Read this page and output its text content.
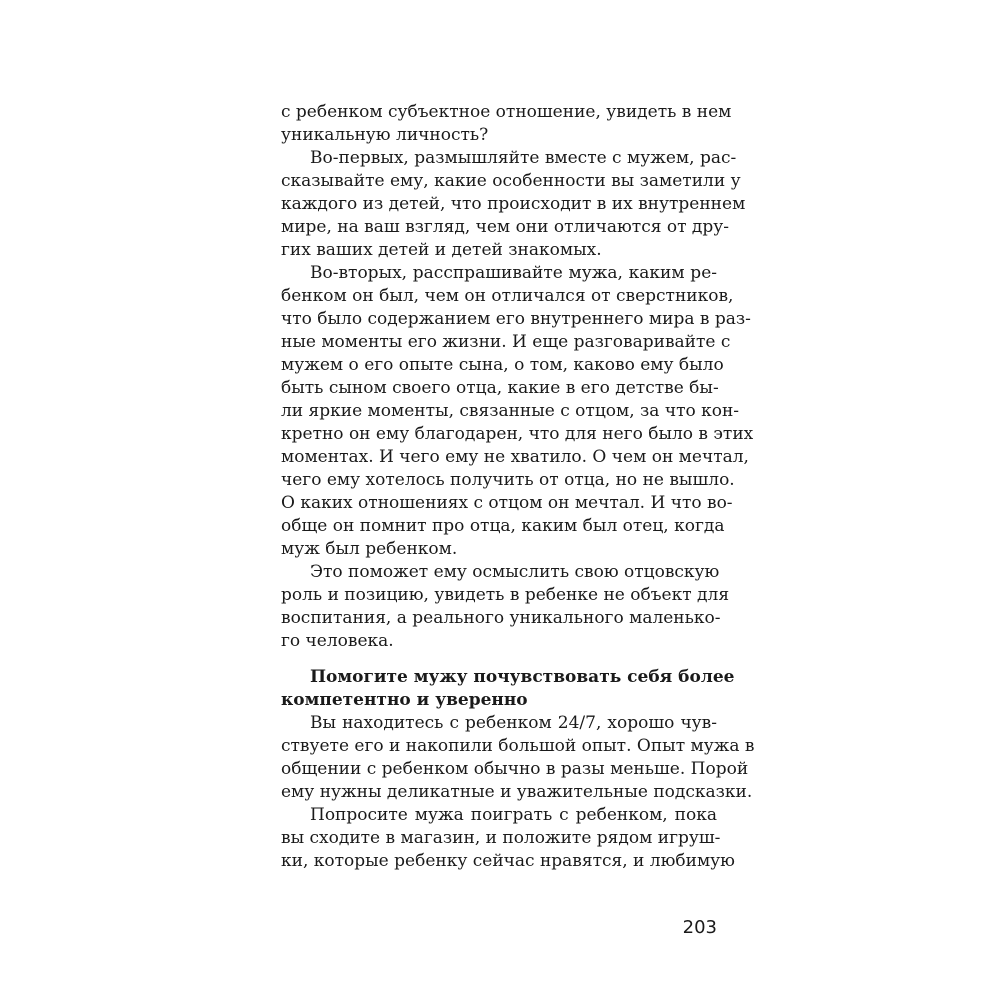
с ребенком субъектное отношение, увидеть в нем
уникальную личность?
Во-первых, размышляйте вместе с мужем, рас-
сказывайте ему, какие особенности вы заметили у
каждого из детей, что происходит в их внутреннем
мире, на ваш взгляд, чем они отличаются от дру-
гих ваших детей и детей знакомых.
Во-вторых, расспрашивайте мужа, каким ре-
бенком он был, чем он отличался от сверстников,
что было содержанием его внутреннего мира в раз-
ные моменты его жизни. И еще разговаривайте с
мужем о его опыте сына, о том, каково ему было
быть сыном своего отца, какие в его детстве бы-
ли яркие моменты, связанные с отцом, за что кон-
кретно он ему благодарен, что для него было в этих
моментах. И чего ему не хватило. О чем он мечтал,
чего ему хотелось получить от отца, но не вышло.
О каких отношениях с отцом он мечтал. И что во-
обще он помнит про отца, каким был отец, когда
муж был ребенком.
Это поможет ему осмыслить свою отцовскую
роль и позицию, увидеть в ребенке не объект для
воспитания, а реального уникального маленько-
го человека.
Помогите мужу почувствовать себя более
компетентно и уверенно
Вы находитесь с ребенком 24/7, хорошо чув-
ствуете его и накопили большой опыт. Опыт мужа в
общении с ребенком обычно в разы меньше. Порой
ему нужны деликатные и уважительные подсказки.
Попросите мужа поиграть с ребенком, пока
вы сходите в магазин, и положите рядом игруш-
ки, которые ребенку сейчас нравятся, и любимую
203
